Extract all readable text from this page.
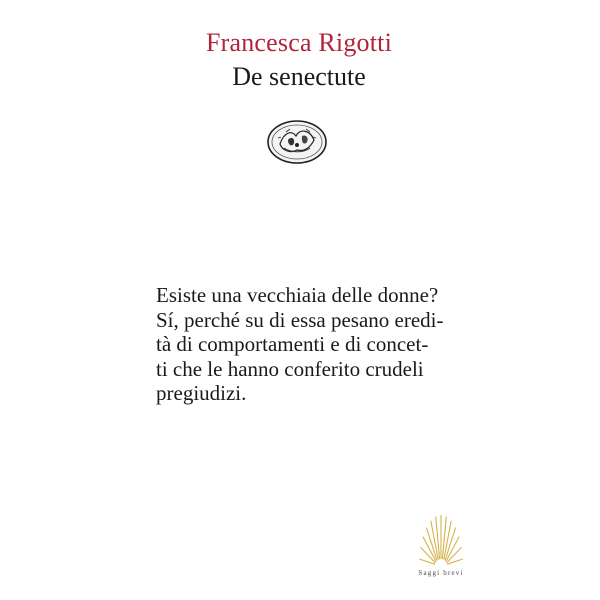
Francesca Rigotti
De senectute
Esiste una vecchiaia delle donne?
Sí, perché su di essa pesano eredi-
tà di comportamenti e di concet-
ti che le hanno conferito crudeli
pregiudizi.
Saggi brevi
